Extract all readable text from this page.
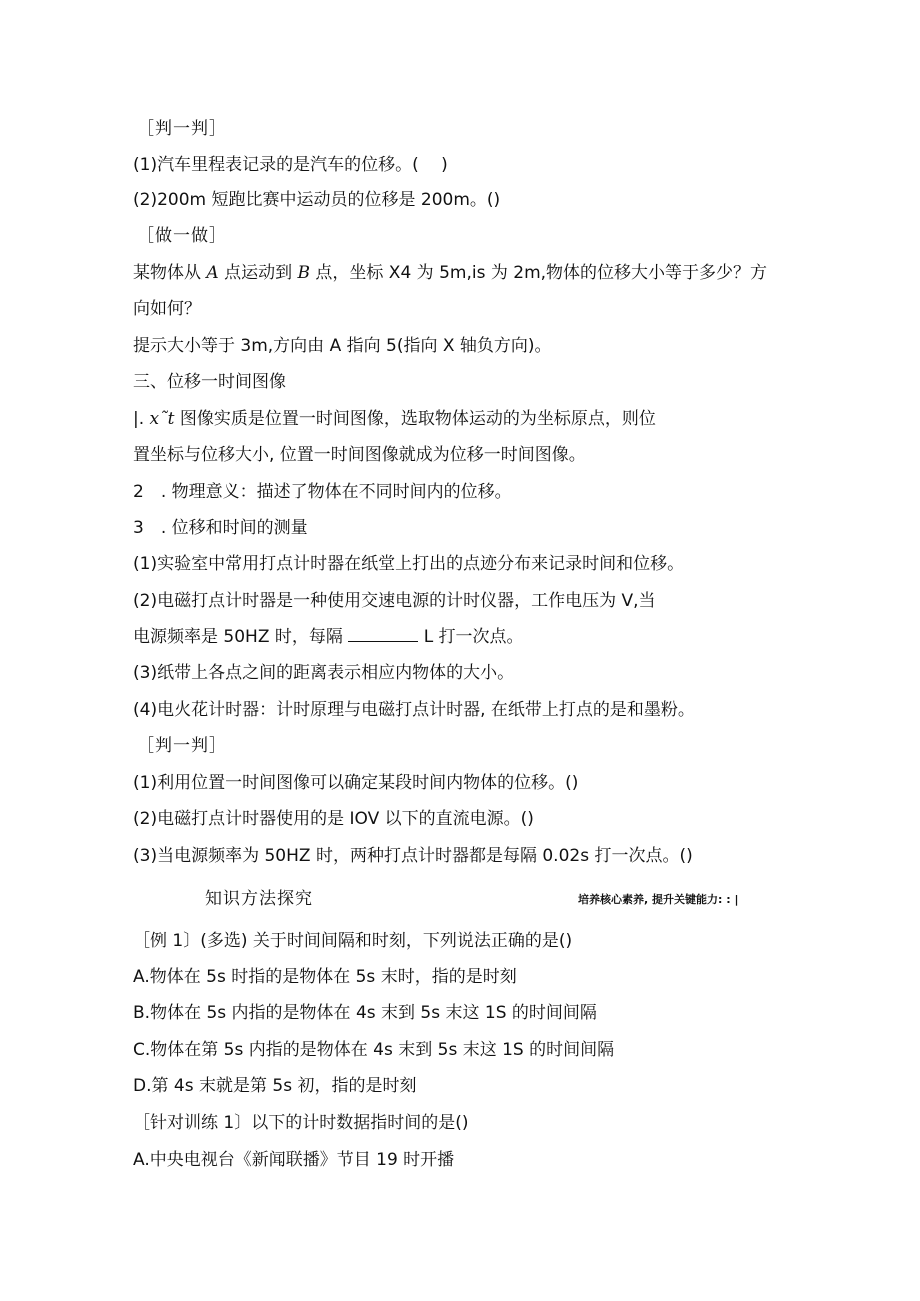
［判一判］
(1)汽车里程表记录的是汽车的位移。(　 )
(2)200m 短跑比赛中运动员的位移是 200m。()
［做一做］
某物体从 A 点运动到 B 点，坐标 X4 为 5m,is 为 2m,物体的位移大小等于多少？方
向如何？
提示大小等于 3m,方向由 A 指向 5(指向 X 轴负方向)。
三、位移一时间图像
|. x˜t 图像实质是位置一时间图像，选取物体运动的为坐标原点，则位
置坐标与位移大小, 位置一时间图像就成为位移一时间图像。
2　. 物理意义：描述了物体在不同时间内的位移。
3　. 位移和时间的测量
(1)实验室中常用打点计时器在纸堂上打出的点迹分布来记录时间和位移。
(2)电磁打点计时器是一种使用交速电源的计时仪器，工作电压为 V,当
电源频率是 50HZ 时，每隔	L 打一次点。
(3)纸带上各点之间的距离表示相应内物体的大小。
(4)电火花计时器：计时原理与电磁打点计时器, 在纸带上打点的是和墨粉。
［判一判］
(1)利用位置一时间图像可以确定某段时间内物体的位移。()
(2)电磁打点计时器使用的是 IOV 以下的直流电源。()
(3)当电源频率为 50HZ 时，两种打点计时器都是每隔 0.02s 打一次点。()
知识方法探究	培养核心素养, 提升关键能力: : |
［例 1〕(多选) 关于时间间隔和时刻，下列说法正确的是()
A.物体在 5s 时指的是物体在 5s 末时，指的是时刻
B.物体在 5s 内指的是物体在 4s 末到 5s 末这 1S 的时间间隔
C.物体在第 5s 内指的是物体在 4s 末到 5s 末这 1S 的时间间隔
D.第 4s 末就是第 5s 初，指的是时刻
［针对训练 1〕以下的计时数据指时间的是()
A.中央电视台《新闻联播》节目 19 时开播
